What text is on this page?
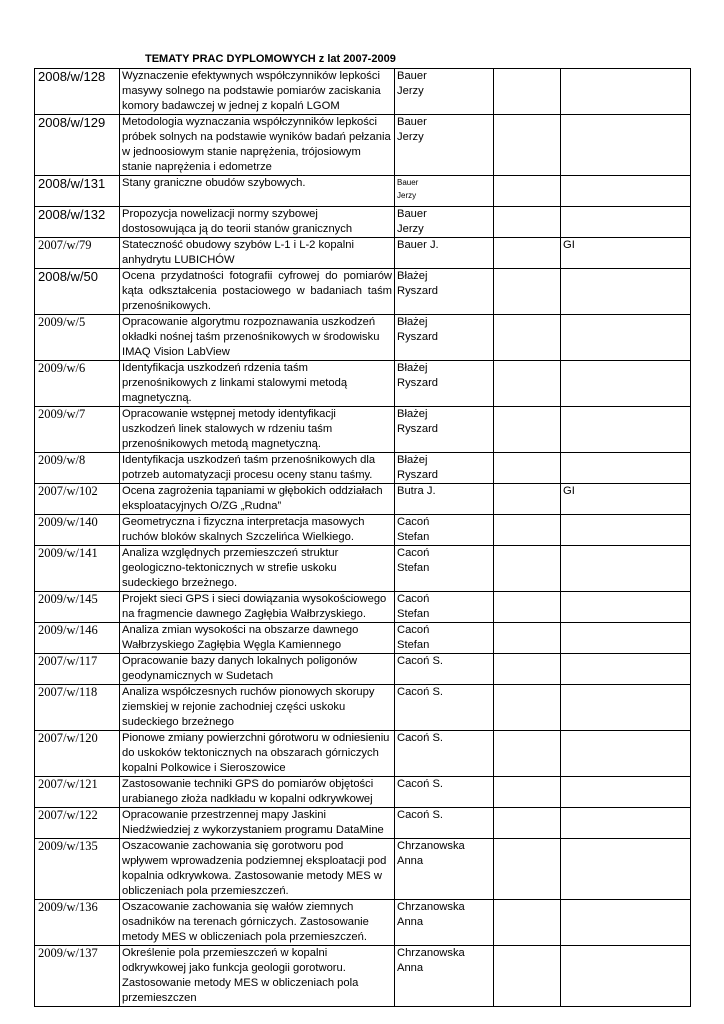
TEMATY PRAC DYPLOMOWYCH z lat 2007-2009
2008/w/128	Wyznaczenie efektywnych współczynników lepkości masywy solnego na podstawie pomiarów zaciskania komory badawczej w jednej z kopalń LGOM	Bauer
Jerzy		

2008/w/129	Metodologia wyznaczania współczynników lepkości próbek solnych na podstawie wyników badań pełzania w jednoosiowym stanie naprężenia, trójosiowym stanie naprężenia i edometrze	Bauer
Jerzy		

2008/w/131	Stany graniczne obudów szybowych.	Bauer
Jerzy		

2008/w/132	Propozycja nowelizacji normy szybowej dostosowująca ją do teorii stanów granicznych	Bauer
Jerzy		

2007/w/79	Stateczność obudowy szybów L-1 i L-2 kopalni anhydrytu LUBICHÓW	Bauer J.		GI
2008/w/50	Ocena przydatności fotografii cyfrowej do pomiarów kąta odkształcenia postaciowego w badaniach taśm przenośnikowych.	Błażej
Ryszard		

2009/w/5	Opracowanie algorytmu rozpoznawania uszkodzeń okładki nośnej taśm przenośnikowych w środowisku IMAQ Vision LabView	Błażej
Ryszard		

2009/w/6	Identyfikacja uszkodzeń rdzenia taśm przenośnikowych z linkami stalowymi metodą magnetyczną.	Błażej
Ryszard		

2009/w/7	Opracowanie wstępnej metody identyfikacji uszkodzeń linek stalowych w rdzeniu taśm przenośnikowych metodą magnetyczną.	Błażej
Ryszard		

2009/w/8	Identyfikacja uszkodzeń taśm przenośnikowych dla potrzeb automatyzacji procesu oceny stanu taśmy.	Błażej
Ryszard		

2007/w/102	Ocena zagrożenia tąpaniami w głębokich oddziałach eksploatacyjnych O/ZG „Rudna”	Butra J.		GI
2009/w/140	Geometryczna i fizyczna interpretacja masowych ruchów bloków skalnych Szczelińca Wielkiego.	Cacoń
Stefan		

2009/w/141	Analiza względnych przemieszczeń struktur geologiczno-tektonicznych w strefie uskoku sudeckiego brzeżnego.	Cacoń
Stefan		

2009/w/145	Projekt sieci GPS i sieci dowiązania wysokościowego na fragmencie dawnego Zagłębia Wałbrzyskiego.	Cacoń
Stefan		

2009/w/146	Analiza zmian wysokości na obszarze dawnego Wałbrzyskiego Zagłębia Węgla Kamiennego	Cacoń
Stefan		

2007/w/117	Opracowanie bazy danych lokalnych poligonów geodynamicznych w Sudetach	Cacoń S.		

2007/w/118	Analiza współczesnych ruchów pionowych skorupy ziemskiej w rejonie zachodniej części uskoku sudeckiego brzeżnego	Cacoń S.		

2007/w/120	Pionowe zmiany powierzchni górotworu w odniesieniu do uskoków tektonicznych na obszarach górniczych kopalni Polkowice i Sieroszowice	Cacoń S.		

2007/w/121	Zastosowanie techniki GPS do pomiarów objętości urabianego złoża nadkładu w kopalni odkrywkowej	Cacoń S.		

2007/w/122	Opracowanie przestrzennej mapy Jaskini Niedźwiedziej z wykorzystaniem programu DataMine	Cacoń S.		

2009/w/135	Oszacowanie zachowania się gorotworu pod wpływem wprowadzenia podziemnej eksploatacji pod kopalnia odkrywkowa. Zastosowanie metody MES w obliczeniach pola przemieszczeń.	Chrzanowska
Anna		

2009/w/136	Oszacowanie zachowania się wałów ziemnych osadników na terenach górniczych. Zastosowanie metody MES w obliczeniach pola przemieszczeń.	Chrzanowska
Anna		

2009/w/137	Określenie pola przemieszczeń w kopalni odkrywkowej jako funkcja geologii gorotworu. Zastosowanie metody MES w obliczeniach pola przemieszczen	Chrzanowska
Anna		
